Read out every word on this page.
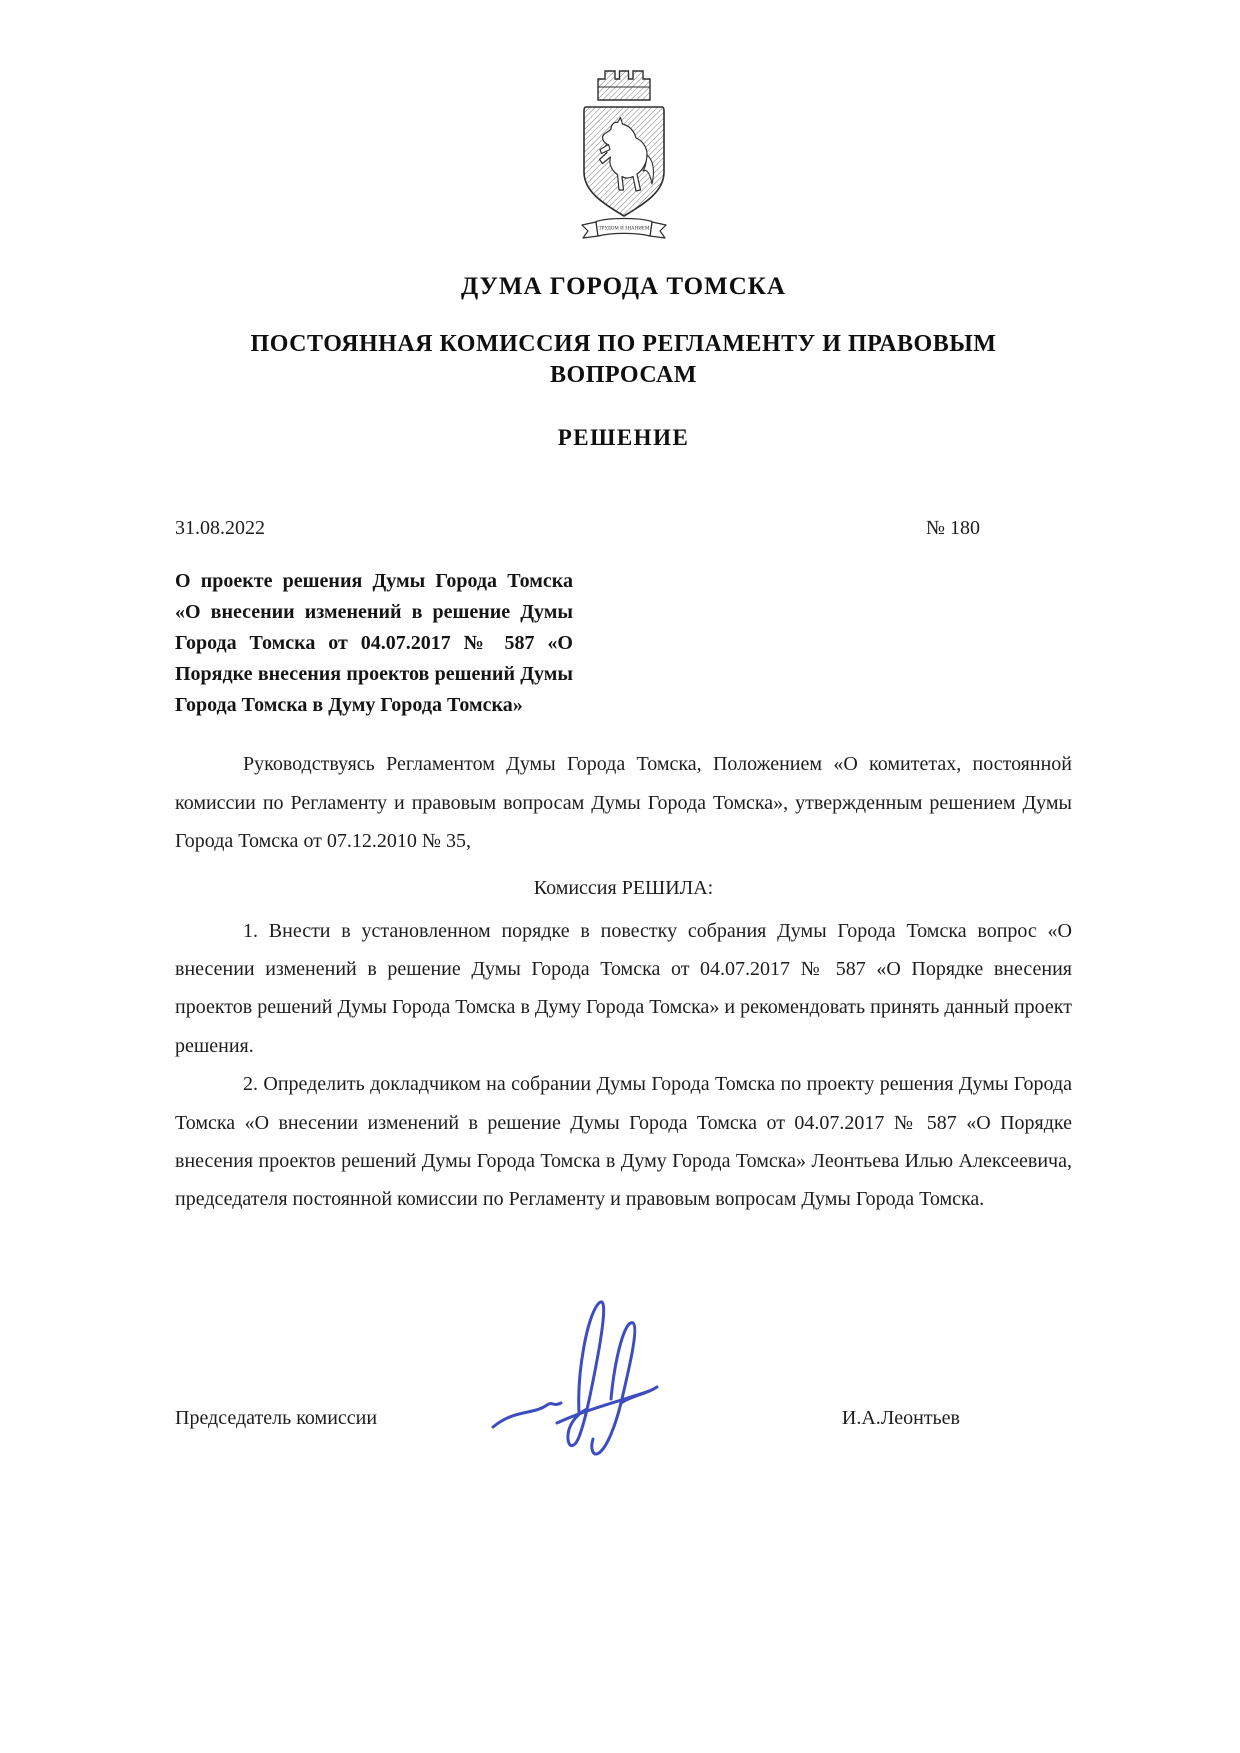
ТРУДОМ И ЗНАНИЕМ
ДУМА ГОРОДА ТОМСКА
ПОСТОЯННАЯ КОМИССИЯ ПО РЕГЛАМЕНТУ И ПРАВОВЫМ ВОПРОСАМ
РЕШЕНИЕ
31.08.2022	№ 180

О проекте решения Думы Города Томска «О внесении изменений в решение Думы Города Томска от 04.07.2017 № 587 «О Порядке внесения проектов решений Думы Города Томска в Думу Города Томска»

Руководствуясь Регламентом Думы Города Томска, Положением «О комитетах, постоянной комиссии по Регламенту и правовым вопросам Думы Города Томска», утвержденным решением Думы Города Томска от 07.12.2010 № 35,

Комиссия РЕШИЛА:

1. Внести в установленном порядке в повестку собрания Думы Города Томска вопрос «О внесении изменений в решение Думы Города Томска от 04.07.2017 № 587 «О Порядке внесения проектов решений Думы Города Томска в Думу Города Томска» и рекомендовать принять данный проект решения.

2. Определить докладчиком на собрании Думы Города Томска по проекту решения Думы Города Томска «О внесении изменений в решение Думы Города Томска от 04.07.2017 № 587 «О Порядке внесения проектов решений Думы Города Томска в Думу Города Томска» Леонтьева Илью Алексеевича, председателя постоянной комиссии по Регламенту и правовым вопросам Думы Города Томска.

Председатель комиссии	И.А.Леонтьев
